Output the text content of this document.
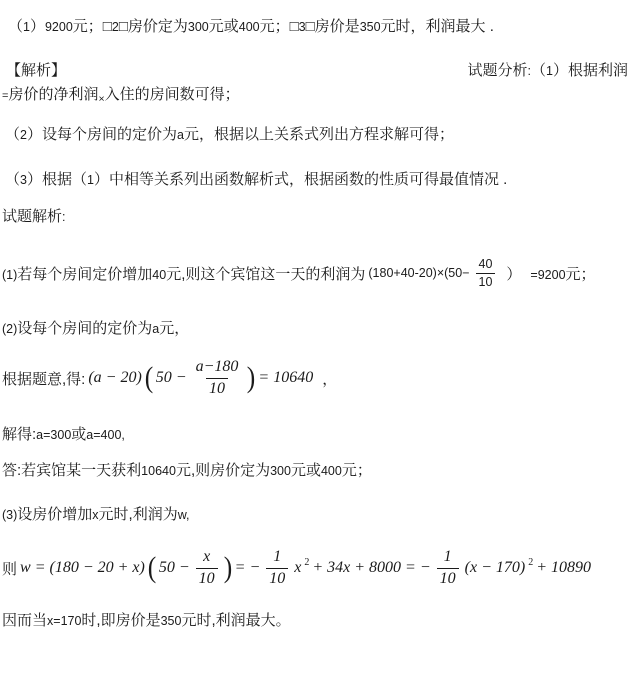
（1）9200元；□2□房价定为300元或400元；□3□房价是350元时，利润最大 .
【解析】	试题分析:（1）根据利润
=房价的净利润×入住的房间数可得；
（2）设每个房间的定价为a元，根据以上关系式列出方程求解可得；
（3）根据（1）中相等关系列出函数解析式，根据函数的性质可得最值情况 .
试题解析:
(1)若每个房间定价增加40元,则这个宾馆这一天的利润为 $(180+40-20)\times(50- \frac{40}{10}$ ） =9200元；
(2)设每个房间的定价为a元，
根据题意,得: (a − 20) ( $50 - \frac{a-180}{10}$ ) = 10640 ，
解得:a=300或a=400,
答:若宾馆某一天获利10640元,则房价定为300元或400元；
(3)设房价增加x元时,利润为w,
则 w = (180 − 20 + x) ( $50 - \frac{x}{10}$ ) = − $\frac{1}{10}$ x 2 + 34x + 8000 = − $\frac{1}{10} (x - 170) 2 + 10890$
因而当x=170时,即房价是350元时,利润最大。
